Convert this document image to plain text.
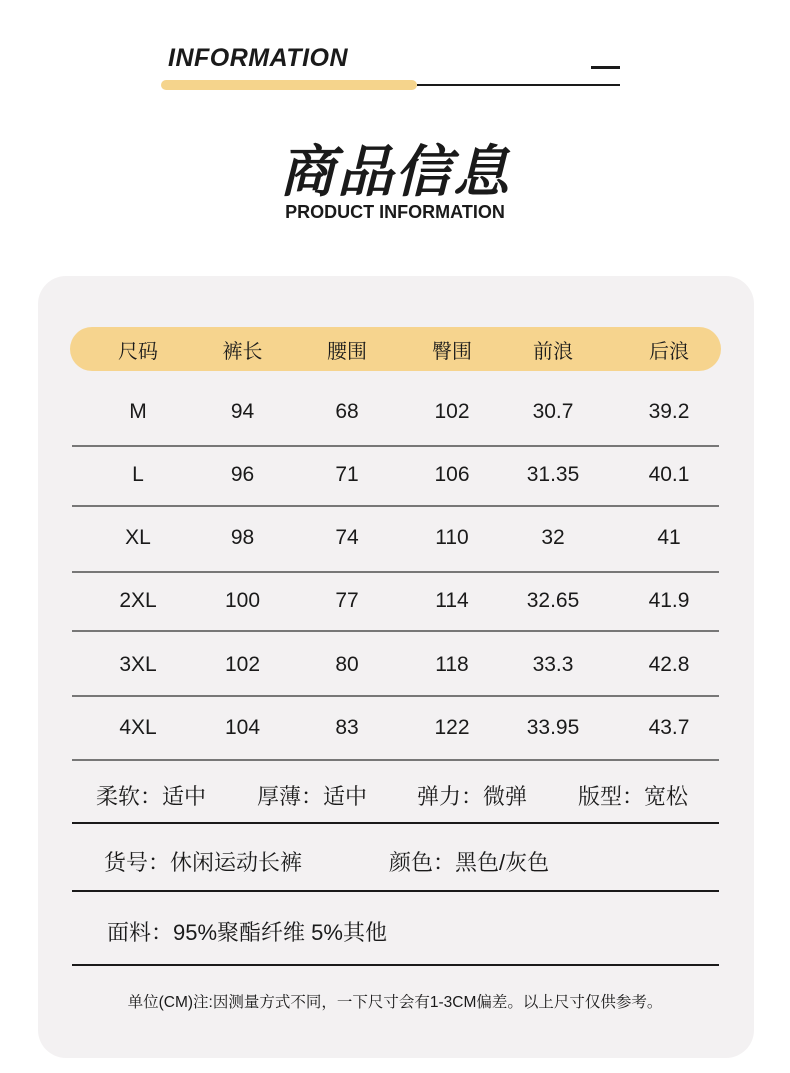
INFORMATION
商品信息
PRODUCT INFORMATION
尺码	裤长	腰围	臀围	前浪	后浪
M	94	68	102	30.7	39.2
L	96	71	106	31.35	40.1
XL	98	74	110	32	41
2XL	100	77	114	32.65	41.9
3XL	102	80	118	33.3	42.8
4XL	104	83	122	33.95	43.7
柔软：适中 厚薄：适中 弹力：微弹 版型：宽松
货号：休闲运动长裤	颜色：黑色/灰色
面料：95%聚酯纤维 5%其他
单位(CM)注:因测量方式不同，一下尺寸会有1-3CM偏差。以上尺寸仅供参考。
